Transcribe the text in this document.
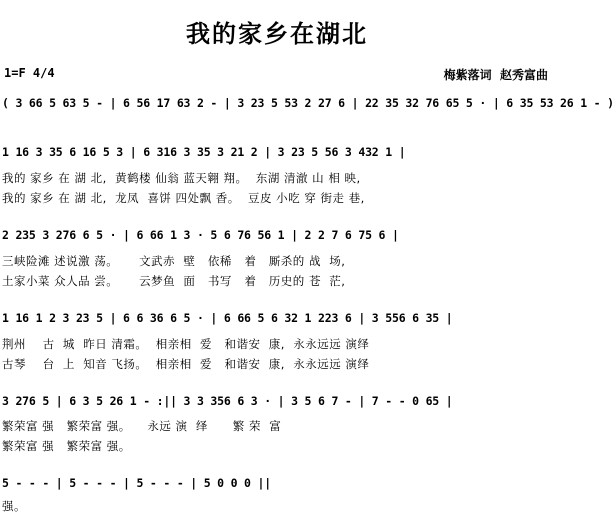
我的家乡在湖北
1=F 4/4	梅紫落词  赵秀富曲
( 3 66 5 63 5 - | 6 56 17 63 2 - | 3 23 5 53 2 27 6 | 22 35 32 76 65 5 · | 6 35 53 26 1 - )
1 16 3 35 6 16 5 3 | 6 316 3 35 3 21 2 | 3 23 5 56 3 432 1 |
我的 家乡 在 湖 北,  黄鹤楼 仙翁 蓝天翱 翔。  东湖 清澈 山 相 映,
我的 家乡 在 湖 北,  龙凤  喜饼 四处飘 香。  豆皮 小吃 穿 街走 巷,
2 235 3 276 6 5 · | 6 66 1 3 · 5 6 76 56 1 | 2 2 7 6 75 6 |
三峡险滩 述说激 荡。     文武赤  壁   依稀   着   厮杀的 战  场,
土家小菜 众人品 尝。     云梦鱼  面   书写   着   历史的 苍  茫,
1 16 1 2 3 23 5 | 6 6 36 6 5 · | 6 66 5 6 32 1 223 6 | 3 556 6 35 |
荆州    古  城  昨日 清霜。  相亲相  爱   和谐安  康,  永永远远 演绎
古琴    台  上  知音 飞扬。  相亲相  爱   和谐安  康,  永永远远 演绎
3 276 5 | 6 3 5 26 1 - :|| 3 3 356 6 3 · | 3 5 6 7 - | 7 - - 0 65 |
繁荣富 强   繁荣富 强。    永远 演  绎      繁 荣  富
繁荣富 强   繁荣富 强。
5 - - - | 5 - - - | 5 - - - | 5 0 0 0 ||
强。
